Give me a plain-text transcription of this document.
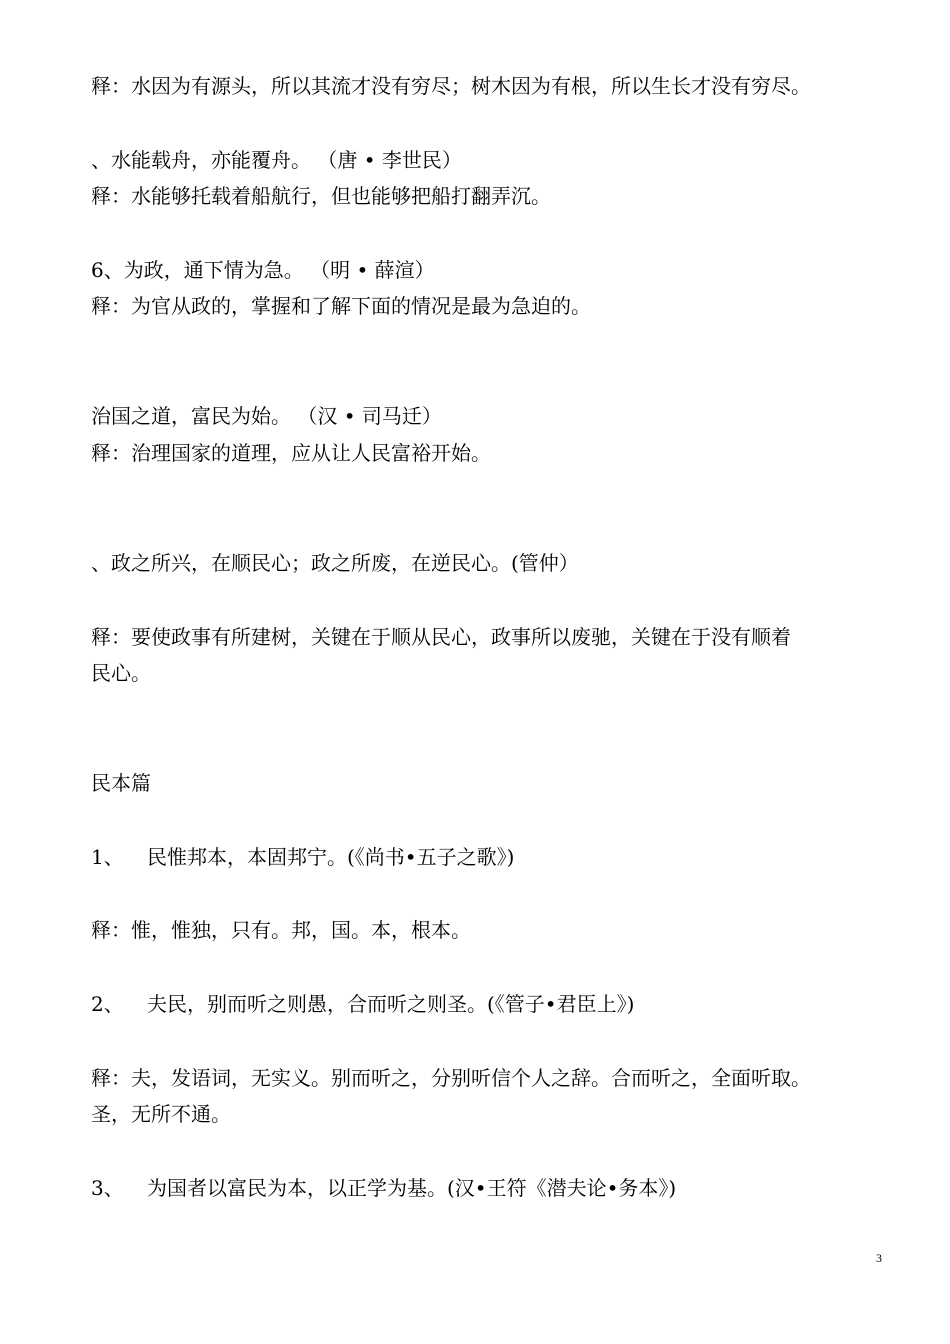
释：水因为有源头，所以其流才没有穷尽；树木因为有根，所以生长才没有穷尽。

、水能载舟，亦能覆舟。 （唐 • 李世民）

释：水能够托载着船航行，但也能够把船打翻弄沉。

6、为政，通下情为急。 （明 • 薛渲）

释：为官从政的，掌握和了解下面的情况是最为急迫的。

治国之道，富民为始。 （汉 • 司马迁）

释：治理国家的道理，应从让人民富裕开始。

、政之所兴，在顺民心；政之所废，在逆民心。(管仲）

释：要使政事有所建树，关键在于顺从民心，政事所以废驰，关键在于没有顺着

民心。

民本篇

1、 民惟邦本，本固邦宁。(《尚书•五子之歌》)

释：惟，惟独，只有。邦，国。本，根本。

2、 夫民，别而听之则愚，合而听之则圣。(《管子•君臣上》)

释：夫，发语词，无实义。别而听之，分别听信个人之辞。合而听之，全面听取。

圣，无所不通。

3、 为国者以富民为本，以正学为基。(汉•王符《潜夫论•务本》)

3
